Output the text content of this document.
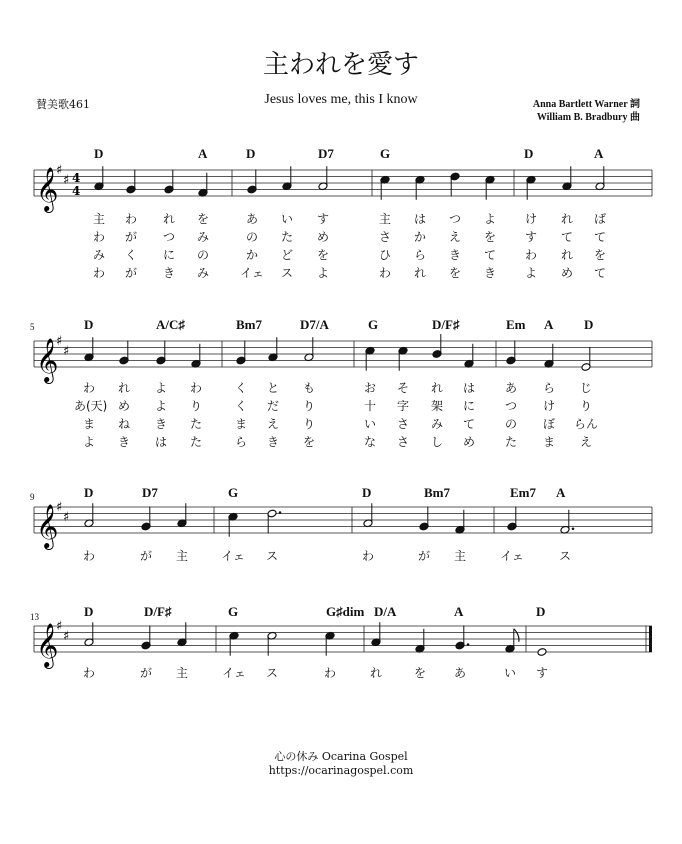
主われを愛す
Jesus loves me, this I know
賛美歌461	Anna Bartlett Warner 詞
William B. Bradbury 曲
𝄞
♯
♯ 4
4
D	A	D	D7	G	D	A
主	わ	れ	を	あ	い	す	主	は	つ	よ	け	れ	ば
わ	が	つ	み	の	た	め	さ	か	え	を	す	て	て
み	く	に	の	か	ど	を	ひ	ら	き	て	わ	れ	を
わ	が	き	み	イェ	ス	よ	わ	れ	を	き	よ	め	て
𝄞
♯
♯
5	D	A/C♯	Bm7	D7/A	G	D/F♯	Em A D
わ	れ	よ	わ	く	と	も	お	そ	れ	は	あ	ら	じ
あ(天) め	よ	り	く	だ	り	十	字	架	に	つ	け	り
ま	ね	き	た	ま	え	り	い	さ	み	て	の	ぼ	らん
よ	き	は	た	ら	き	を	な	さ	し	め	た	ま	え
𝄞
♯
♯
9	D	D7	G	D	Bm7	Em7 A
わ	が	主	イェ	ス	わ	が	主	イェ	ス
𝄞
♯
♯
13	D	D/F♯	G	G♯dim D/A	A	D
わ	が	主	イェ	ス	わ	れ	を	あ	い	す
心の休み Ocarina Gospel
https://ocarinagospel.com
